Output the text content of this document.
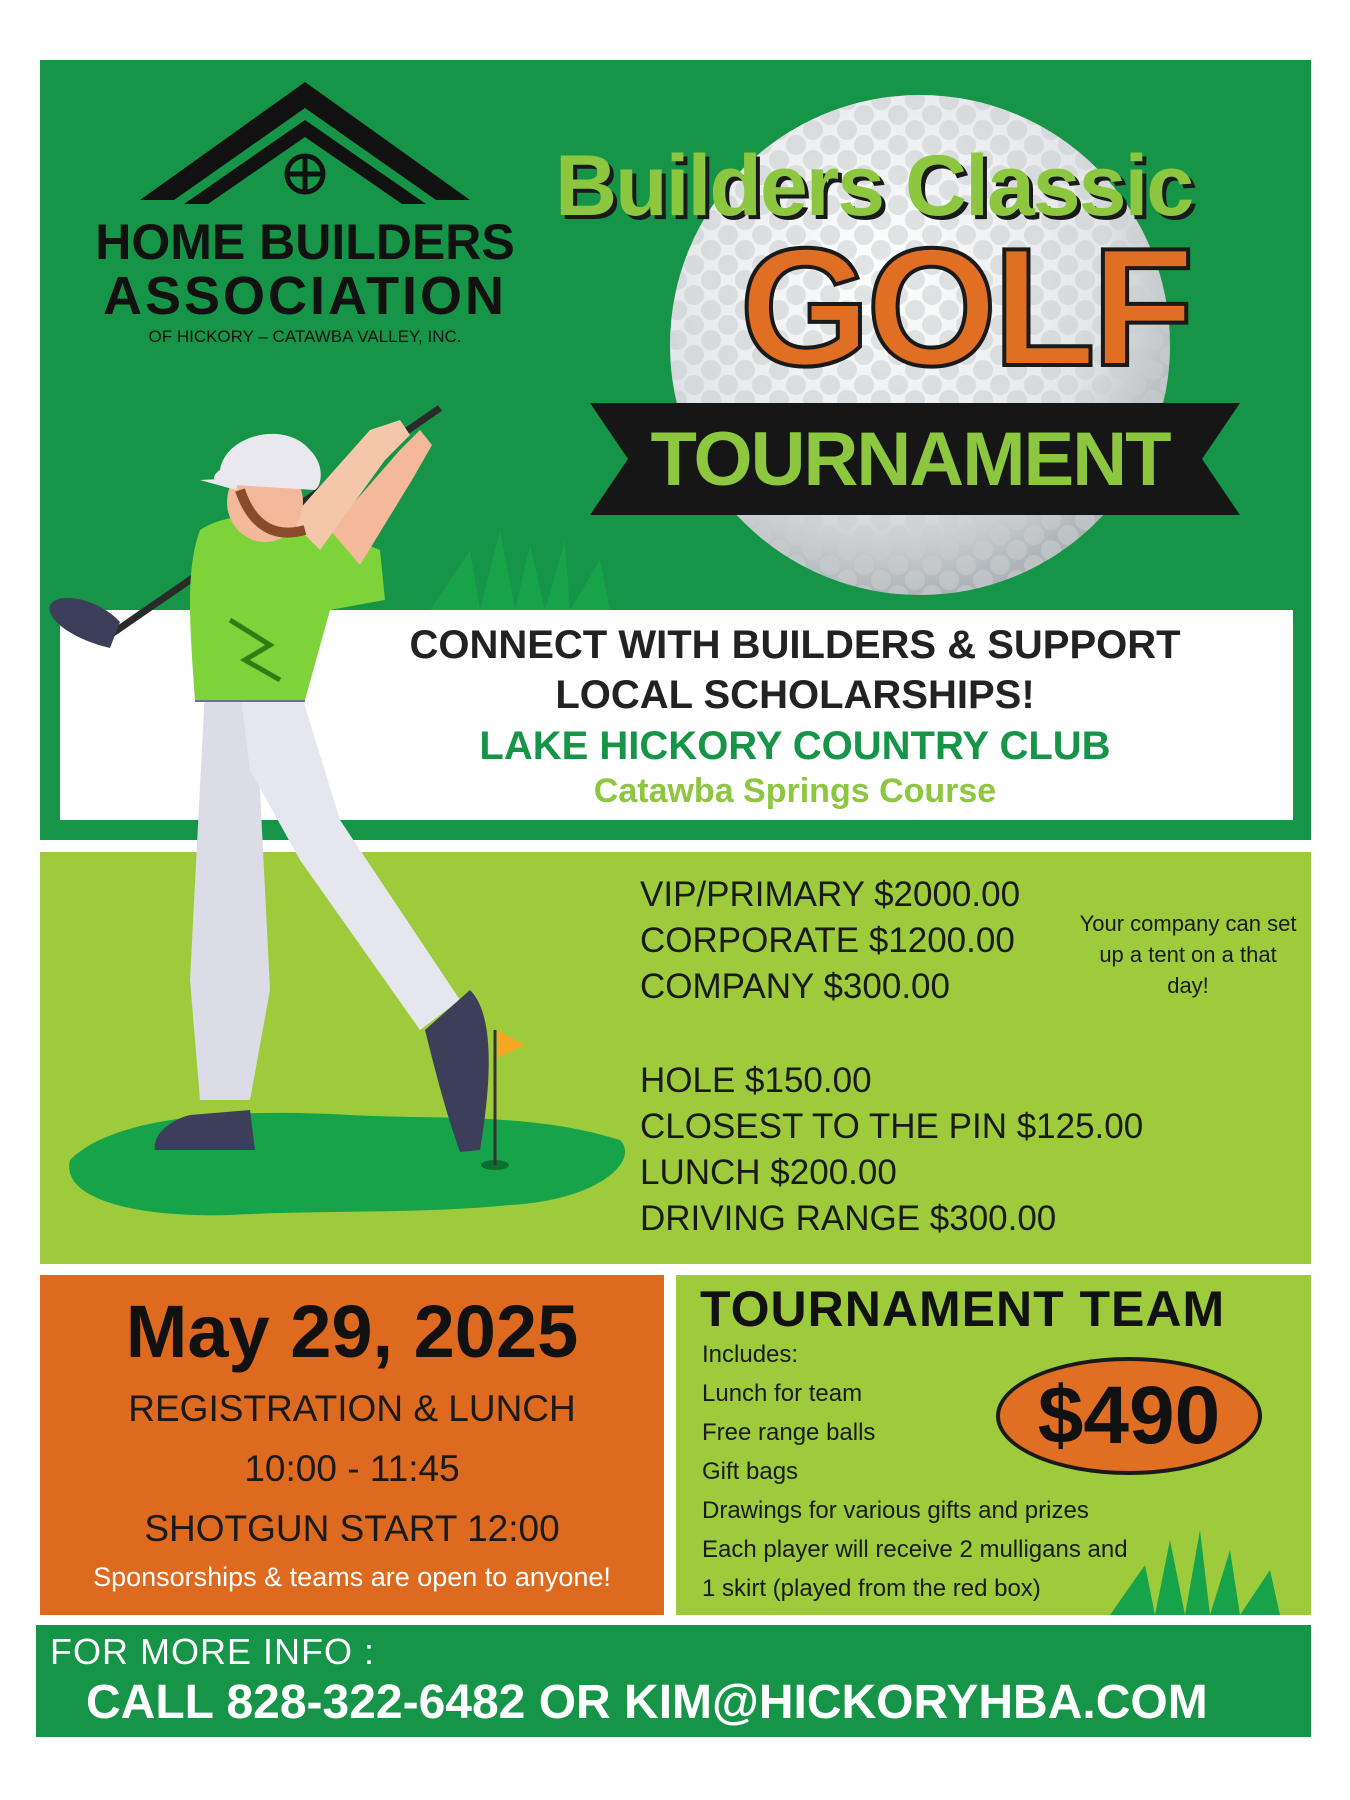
HOME BUILDERS
ASSOCIATION
OF HICKORY – CATAWBA VALLEY, INC.
Builders Classic
GOLF
TOURNAMENT
CONNECT WITH BUILDERS & SUPPORT
LOCAL SCHOLARSHIPS!
LAKE HICKORY COUNTRY CLUB
Catawba Springs Course
VIP/PRIMARY $2000.00
CORPORATE $1200.00
COMPANY $300.00
HOLE $150.00
CLOSEST TO THE PIN $125.00
LUNCH $200.00
DRIVING RANGE $300.00
Your company can set up a tent on a that day!
May 29, 2025
REGISTRATION & LUNCH
10:00 - 11:45
SHOTGUN START 12:00
Sponsorships & teams are open to anyone!
TOURNAMENT TEAM
Includes:
Lunch for team
Free range balls
Gift bags
Drawings for various gifts and prizes
Each player will receive 2 mulligans and
1 skirt (played from the red box)
$490
FOR MORE INFO :
CALL 828-322-6482 OR KIM@HICKORYHBA.COM
